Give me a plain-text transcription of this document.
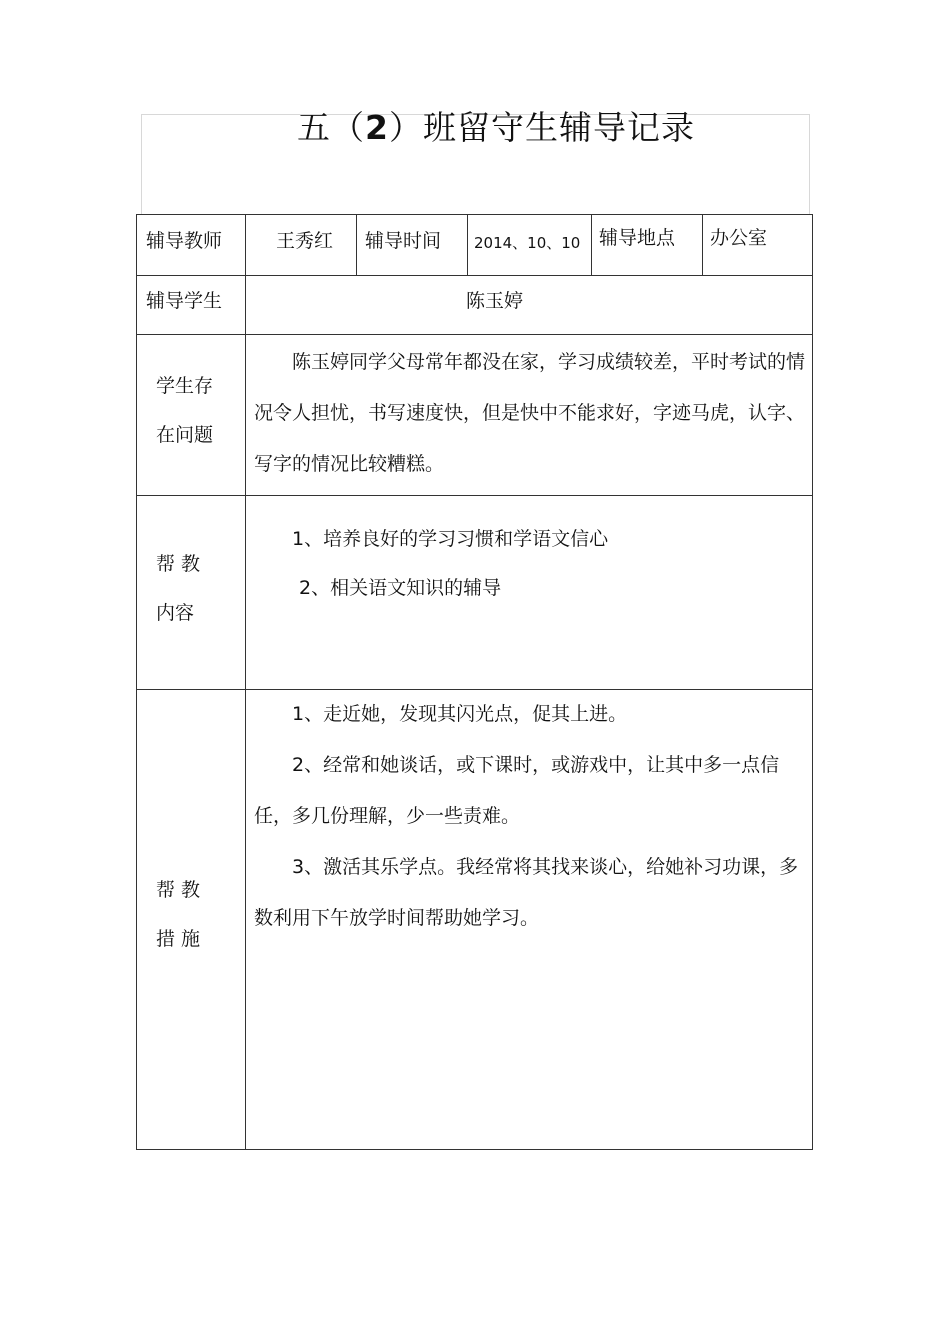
五（2）班留守生辅导记录
辅导教师	王秀红 辅导时间 2014、10、10 辅导地点 办公室
辅导学生	陈玉婷
学生存
在问题

陈玉婷同学父母常年都没在家，学习成绩较差，平时考试的情况令人担忧，书写速度快，但是快中不能求好，字迹马虎，认字、写字的情况比较糟糕。

帮 教
内容
1、培养良好的学习习惯和学语文信心
2、相关语文知识的辅导
帮 教
措 施

1、走近她，发现其闪光点，促其上进。

2、经常和她谈话，或下课时，或游戏中，让其中多一点信任，多几份理解，少一些责难。

3、激活其乐学点。我经常将其找来谈心，给她补习功课，多数利用下午放学时间帮助她学习。
